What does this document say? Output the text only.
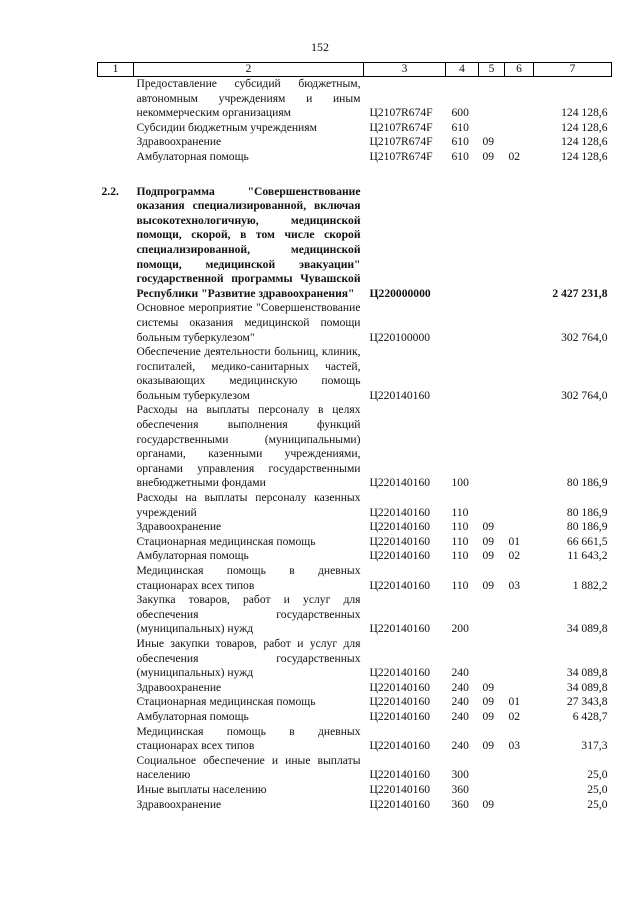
152
1	2	3	4	5	6	7
	Предоставление субсидий бюджетным, автономным учреждениям и иным некоммерческим организациям	Ц2107R674F	600			124 128,6
	Субсидии бюджетным учреждениям	Ц2107R674F	610			124 128,6
	Здравоохранение	Ц2107R674F	610	09		124 128,6
	Амбулаторная помощь	Ц2107R674F	610	09	02	124 128,6

2.2.	Подпрограмма "Совершенствование оказания специализированной, включая высокотехнологичную, медицинской помощи, скорой, в том числе скорой специализированной, медицинской помощи, медицинской эвакуации" государственной программы Чувашской Республики "Развитие здравоохранения"	Ц220000000				2 427 231,8
	Основное мероприятие "Совершенствование системы оказания медицинской помощи больным туберкулезом"	Ц220100000				302 764,0
	Обеспечение деятельности больниц, клиник, госпиталей, медико-санитарных частей, оказывающих медицинскую помощь больным туберкулезом	Ц220140160				302 764,0
	Расходы на выплаты персоналу в целях обеспечения выполнения функций государственными (муниципальными) органами, казенными учреждениями, органами управления государственными внебюджетными фондами	Ц220140160	100			80 186,9
	Расходы на выплаты персоналу казенных учреждений	Ц220140160	110			80 186,9
	Здравоохранение	Ц220140160	110	09		80 186,9
	Стационарная медицинская помощь	Ц220140160	110	09	01	66 661,5
	Амбулаторная помощь	Ц220140160	110	09	02	11 643,2
	Медицинская помощь в дневных стационарах всех типов	Ц220140160	110	09	03	1 882,2
	Закупка товаров, работ и услуг для обеспечения государственных (муниципальных) нужд	Ц220140160	200			34 089,8
	Иные закупки товаров, работ и услуг для обеспечения государственных (муниципальных) нужд	Ц220140160	240			34 089,8
	Здравоохранение	Ц220140160	240	09		34 089,8
	Стационарная медицинская помощь	Ц220140160	240	09	01	27 343,8
	Амбулаторная помощь	Ц220140160	240	09	02	6 428,7
	Медицинская помощь в дневных стационарах всех типов	Ц220140160	240	09	03	317,3
	Социальное обеспечение и иные выплаты населению	Ц220140160	300			25,0
	Иные выплаты населению	Ц220140160	360			25,0
	Здравоохранение	Ц220140160	360	09		25,0
